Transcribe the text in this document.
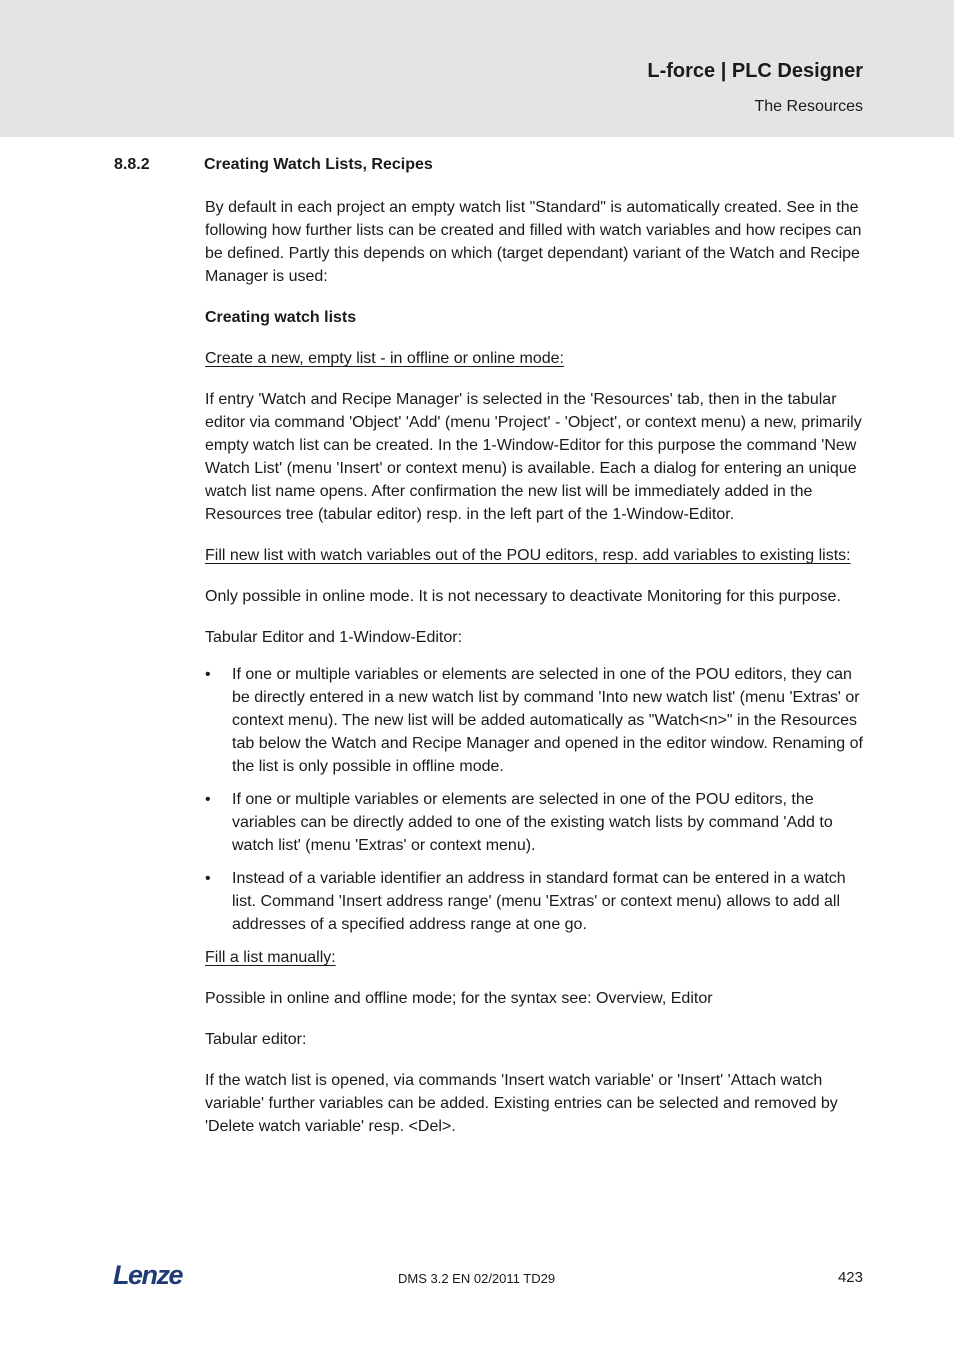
L-force | PLC Designer
The Resources
8.8.2	Creating Watch Lists, Recipes

By default in each project an empty watch list "Standard" is automatically created. See in the following how further lists can be created and filled with watch variables and how recipes can be defined. Partly this depends on which (target dependant) variant of the Watch and Recipe Manager is used:

Creating watch lists

Create a new, empty list - in offline or online mode:

If entry 'Watch and Recipe Manager' is selected in the 'Resources' tab, then in the tabular editor via command 'Object' 'Add' (menu 'Project' - 'Object', or context menu) a new, primarily empty watch list can be created. In the 1-Window-Editor for this purpose the command 'New Watch List' (menu 'Insert' or context menu) is available. Each a dialog for entering an unique watch list name opens. After confirmation the new list will be immediately added in the Resources tree (tabular editor) resp. in the left part of the 1-Window-Editor.

Fill new list with watch variables out of the POU editors, resp. add variables to existing lists:

Only possible in online mode. It is not necessary to deactivate Monitoring for this purpose.

Tabular Editor and 1-Window-Editor:

• If one or multiple variables or elements are selected in one of the POU editors, they can be directly entered in a new watch list by command 'Into new watch list' (menu 'Extras' or context menu). The new list will be added automatically as "Watch<n>" in the Resources tab below the Watch and Recipe Manager and opened in the editor window. Renaming of the list is only possible in offline mode.
• If one or multiple variables or elements are selected in one of the POU editors, the variables can be directly added to one of the existing watch lists by command 'Add to watch list' (menu 'Extras' or context menu).
• Instead of a variable identifier an address in standard format can be entered in a watch list. Command 'Insert address range' (menu 'Extras' or context menu) allows to add all addresses of a specified address range at one go.

Fill a list manually:

Possible in online and offline mode; for the syntax see: Overview, Editor

Tabular editor:

If the watch list is opened, via commands 'Insert watch variable' or 'Insert' 'Attach watch variable' further variables can be added. Existing entries can be selected and removed by 'Delete watch variable' resp. <Del>.

Lenze	DMS 3.2 EN 02/2011 TD29	423
